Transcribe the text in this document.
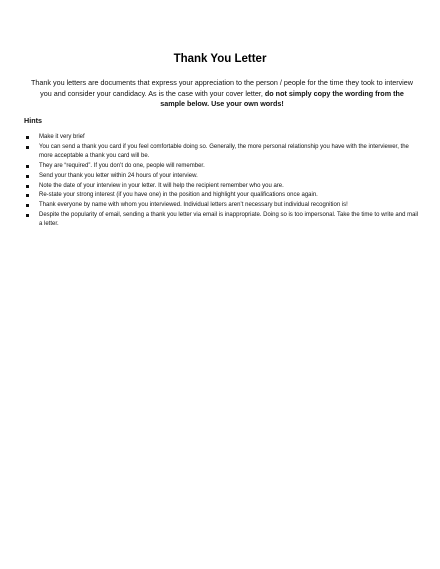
Thank You Letter
Thank you letters are documents that express your appreciation to the person / people for the time they took to interview you and consider your candidacy. As is the case with your cover letter, do not simply copy the wording from the sample below. Use your own words!
Hints
Make it very brief
You can send a thank you card if you feel comfortable doing so. Generally, the more personal relationship you have with the interviewer, the more acceptable a thank you card will be.
They are “required”. If you don’t do one, people will remember.
Send your thank you letter within 24 hours of your interview.
Note the date of your interview in your letter. It will help the recipient remember who you are.
Re-state your strong interest (if you have one) in the position and highlight your qualifications once again.
Thank everyone by name with whom you interviewed. Individual letters aren’t necessary but individual recognition is!
Despite the popularity of email, sending a thank you letter via email is inappropriate. Doing so is too impersonal. Take the time to write and mail a letter.
